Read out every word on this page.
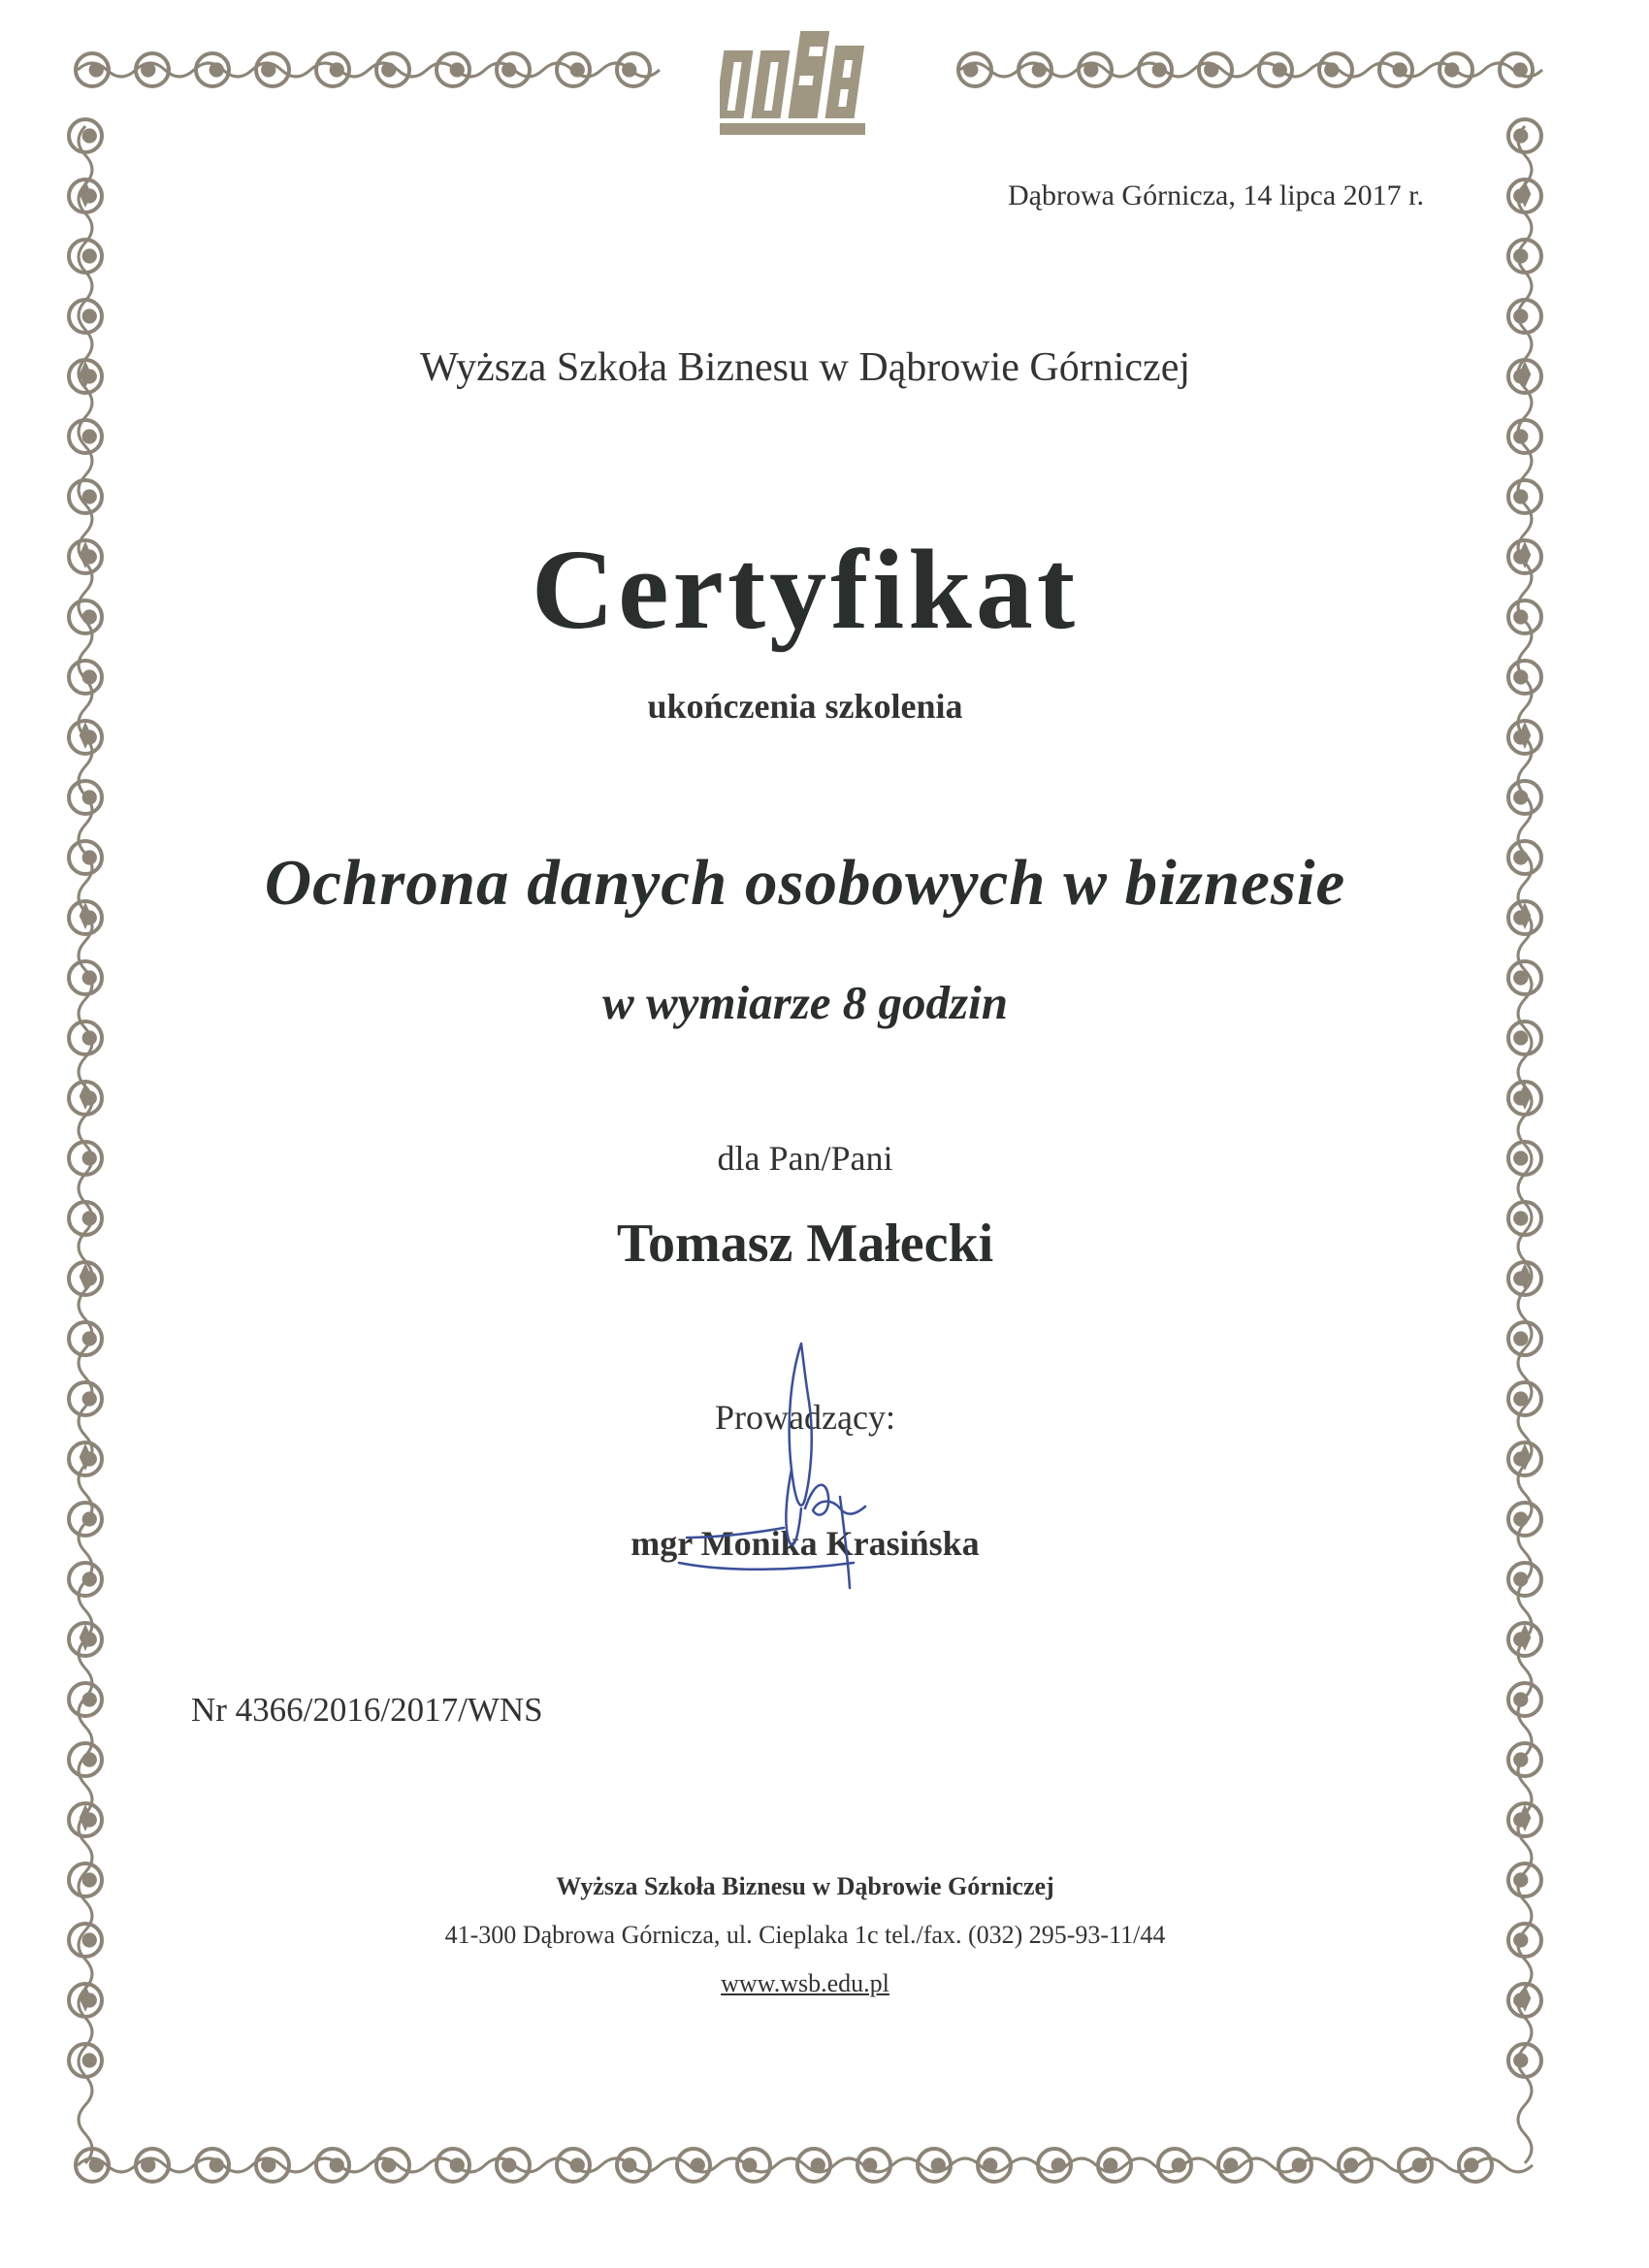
WSB
Dąbrowa Górnicza, 14 lipca 2017 r.
Wyższa Szkoła Biznesu w Dąbrowie Górniczej
Certyfikat
ukończenia szkolenia
Ochrona danych osobowych w biznesie
w wymiarze 8 godzin
dla Pan/Pani
Tomasz Małecki
Prowadzący:
mgr Monika Krasińska
Nr 4366/2016/2017/WNS
Wyższa Szkoła Biznesu w Dąbrowie Górniczej
41-300 Dąbrowa Górnicza, ul. Cieplaka 1c tel./fax. (032) 295-93-11/44
www.wsb.edu.pl
